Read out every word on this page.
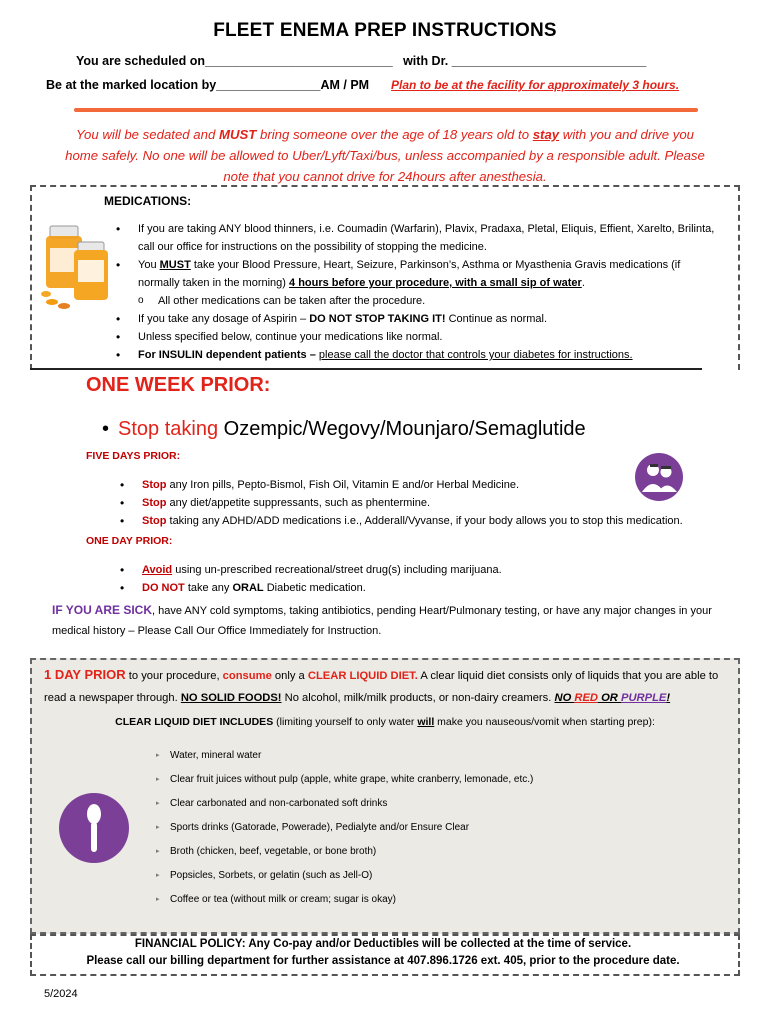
FLEET ENEMA PREP INSTRUCTIONS
You are scheduled on___________________________   with Dr. ____________________________
Be at the marked location by_______________AM / PM Plan to be at the facility for approximately 3 hours.
You will be sedated and MUST bring someone over the age of 18 years old to stay with you and drive you home safely. No one will be allowed to Uber/Lyft/Taxi/bus, unless accompanied by a responsible adult. Please note that you cannot drive for 24hours after anesthesia.
MEDICATIONS:
• If you are taking ANY blood thinners, i.e. Coumadin (Warfarin), Plavix, Pradaxa, Pletal, Eliquis, Effient, Xarelto, Brilinta, call our office for instructions on the possibility of stopping the medicine.
• You MUST take your Blood Pressure, Heart, Seizure, Parkinson’s, Asthma or Myasthenia Gravis medications (if normally taken in the morning) 4 hours before your procedure, with a small sip of water.
o All other medications can be taken after the procedure.
• If you take any dosage of Aspirin – DO NOT STOP TAKING IT! Continue as normal.
• Unless specified below, continue your medications like normal.
• For INSULIN dependent patients – please call the doctor that controls your diabetes for instructions.
ONE WEEK PRIOR:
• Stop taking Ozempic/Wegovy/Mounjaro/Semaglutide
FIVE DAYS PRIOR:
• Stop any Iron pills, Pepto-Bismol, Fish Oil, Vitamin E and/or Herbal Medicine.
• Stop any diet/appetite suppressants, such as phentermine.
• Stop taking any ADHD/ADD medications i.e., Adderall/Vyvanse, if your body allows you to stop this medication.
ONE DAY PRIOR:
• Avoid using un-prescribed recreational/street drug(s) including marijuana.
• DO NOT take any ORAL Diabetic medication.
IF YOU ARE SICK, have ANY cold symptoms, taking antibiotics, pending Heart/Pulmonary testing, or have any major changes in your medical history – Please Call Our Office Immediately for Instruction.
1 DAY PRIOR to your procedure, consume only a CLEAR LIQUID DIET. A clear liquid diet consists only of liquids that you are able to read a newspaper through. NO SOLID FOODS! No alcohol, milk/milk products, or non-dairy creamers. NO RED OR PURPLE!
CLEAR LIQUID DIET INCLUDES (limiting yourself to only water will make you nauseous/vomit when starting prep):
▸ Water, mineral water
▸ Clear fruit juices without pulp (apple, white grape, white cranberry, lemonade, etc.)
▸ Clear carbonated and non-carbonated soft drinks
▸ Sports drinks (Gatorade, Powerade), Pedialyte and/or Ensure Clear
▸ Broth (chicken, beef, vegetable, or bone broth)
▸ Popsicles, Sorbets, or gelatin (such as Jell-O)
▸ Coffee or tea (without milk or cream; sugar is okay)
FINANCIAL POLICY: Any Co-pay and/or Deductibles will be collected at the time of service.
Please call our billing department for further assistance at 407.896.1726 ext. 405, prior to the procedure date.
5/2024
